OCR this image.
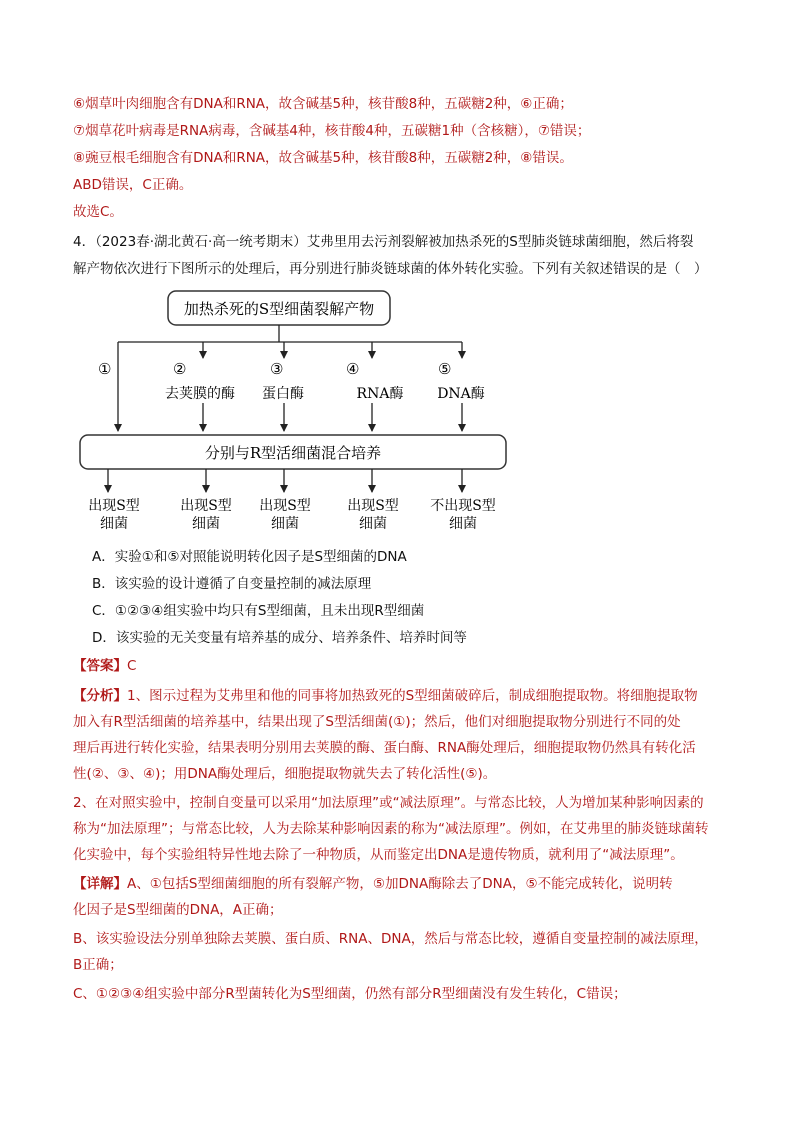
⑥烟草叶肉细胞含有DNA和RNA，故含碱基5种，核苷酸8种，五碳糖2种，⑥正确；
⑦烟草花叶病毒是RNA病毒，含碱基4种，核苷酸4种，五碳糖1种（含核糖），⑦错误；
⑧豌豆根毛细胞含有DNA和RNA，故含碱基5种，核苷酸8种，五碳糖2种，⑧错误。
ABD错误，C正确。
故选C。
4．（2023春·湖北黄石·高一统考期末）艾弗里用去污剂裂解被加热杀死的S型肺炎链球菌细胞，然后将裂
解产物依次进行下图所示的处理后，再分别进行肺炎链球菌的体外转化实验。下列有关叙述错误的是（　）
加热杀死的S型细菌裂解产物
①	②	③	④	⑤
去荚膜的酶 蛋白酶	RNA酶 DNA酶
分别与R型活细菌混合培养
出现S型
细菌
出现S型
细菌
出现S型
细菌
出现S型
细菌
不出现S型
细菌
A．实验①和⑤对照能说明转化因子是S型细菌的DNA
B．该实验的设计遵循了自变量控制的减法原理
C．①②③④组实验中均只有S型细菌，且未出现R型细菌
D．该实验的无关变量有培养基的成分、培养条件、培养时间等
【答案】C
【分析】1、图示过程为艾弗里和他的同事将加热致死的S型细菌破碎后，制成细胞提取物。将细胞提取物
加入有R型活细菌的培养基中，结果出现了S型活细菌(①)；然后，他们对细胞提取物分别进行不同的处
理后再进行转化实验，结果表明分别用去荚膜的酶、蛋白酶、RNA酶处理后，细胞提取物仍然具有转化活
性(②、③、④)；用DNA酶处理后，细胞提取物就失去了转化活性(⑤)。
2、在对照实验中，控制自变量可以采用“加法原理”或“减法原理”。与常态比较，人为增加某种影响因素的
称为“加法原理”；与常态比较，人为去除某种影响因素的称为“减法原理”。例如，在艾弗里的肺炎链球菌转
化实验中，每个实验组特异性地去除了一种物质，从而鉴定出DNA是遗传物质，就利用了“减法原理”。
【详解】A、①包括S型细菌细胞的所有裂解产物，⑤加DNA酶除去了DNA，⑤不能完成转化，说明转
化因子是S型细菌的DNA，A正确；
B、该实验设法分别单独除去荚膜、蛋白质、RNA、DNA，然后与常态比较，遵循自变量控制的减法原理，
B正确；
C、①②③④组实验中部分R型菌转化为S型细菌，仍然有部分R型细菌没有发生转化，C错误；
